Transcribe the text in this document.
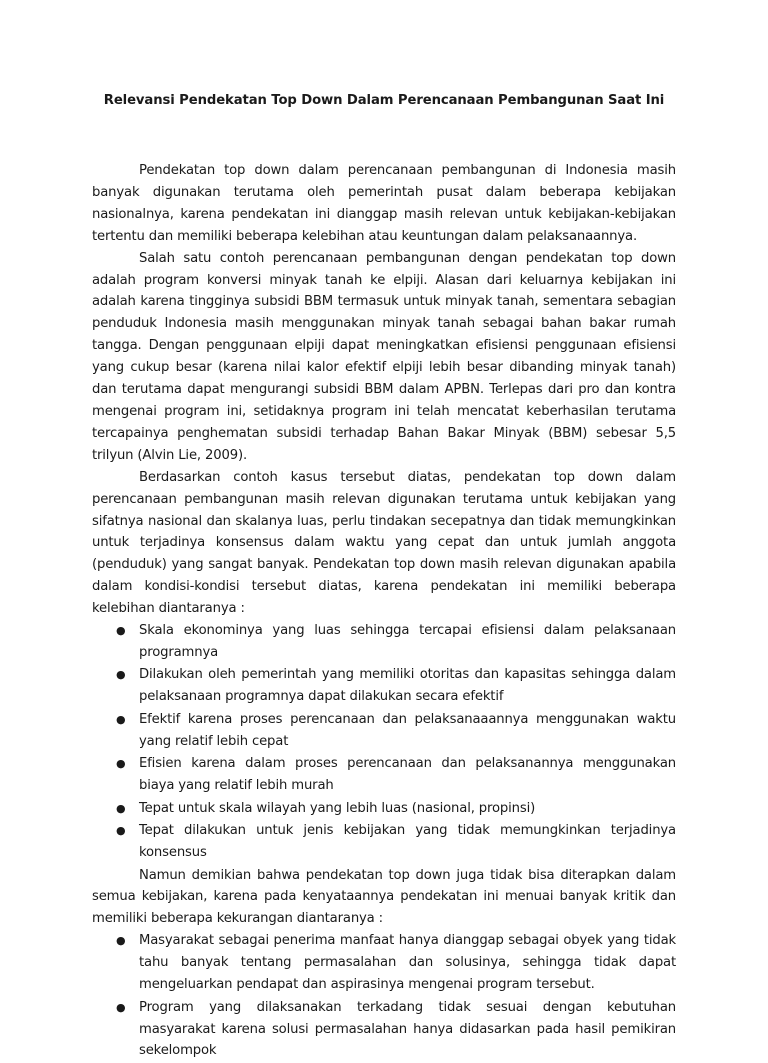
Relevansi Pendekatan Top Down Dalam Perencanaan Pembangunan Saat Ini

Pendekatan top down dalam perencanaan pembangunan di Indonesia masih banyak digunakan terutama oleh pemerintah pusat dalam beberapa kebijakan nasionalnya, karena pendekatan ini dianggap masih relevan untuk kebijakan-kebijakan tertentu dan memiliki beberapa kelebihan atau keuntungan dalam pelaksanaannya.

Salah satu contoh perencanaan pembangunan dengan pendekatan top down adalah program konversi minyak tanah ke elpiji. Alasan dari keluarnya kebijakan ini adalah karena tingginya subsidi BBM termasuk untuk minyak tanah, sementara sebagian penduduk Indonesia masih menggunakan minyak tanah sebagai bahan bakar rumah tangga. Dengan penggunaan elpiji dapat meningkatkan efisiensi penggunaan efisiensi yang cukup besar (karena nilai kalor efektif elpiji lebih besar dibanding minyak tanah) dan terutama dapat mengurangi subsidi BBM dalam APBN. Terlepas dari pro dan kontra mengenai program ini, setidaknya program ini telah mencatat keberhasilan terutama tercapainya penghematan subsidi terhadap Bahan Bakar Minyak (BBM) sebesar 5,5 trilyun (Alvin Lie, 2009).

Berdasarkan contoh kasus tersebut diatas, pendekatan top down dalam perencanaan pembangunan masih relevan digunakan terutama untuk kebijakan yang sifatnya nasional dan skalanya luas, perlu tindakan secepatnya dan tidak memungkinkan untuk terjadinya konsensus dalam waktu yang cepat dan untuk jumlah anggota (penduduk) yang sangat banyak. Pendekatan top down masih relevan digunakan apabila dalam kondisi-kondisi tersebut diatas, karena pendekatan ini memiliki beberapa kelebihan diantaranya :

● Skala ekonominya yang luas sehingga tercapai efisiensi dalam pelaksanaan programnya
● Dilakukan oleh pemerintah yang memiliki otoritas dan kapasitas sehingga dalam pelaksanaan programnya dapat dilakukan secara efektif
● Efektif karena proses perencanaan dan pelaksanaaannya menggunakan waktu yang relatif lebih cepat
● Efisien karena dalam proses perencanaan dan pelaksanannya menggunakan biaya yang relatif lebih murah
● Tepat untuk skala wilayah yang lebih luas (nasional, propinsi)
● Tepat dilakukan untuk jenis kebijakan yang tidak memungkinkan terjadinya konsensus

Namun demikian bahwa pendekatan top down juga tidak bisa diterapkan dalam semua kebijakan, karena pada kenyataannya pendekatan ini menuai banyak kritik dan memiliki beberapa kekurangan diantaranya :

● Masyarakat sebagai penerima manfaat hanya dianggap sebagai obyek yang tidak tahu banyak tentang permasalahan dan solusinya, sehingga tidak dapat mengeluarkan pendapat dan aspirasinya mengenai program tersebut.
● Program yang dilaksanakan terkadang tidak sesuai dengan kebutuhan masyarakat karena solusi permasalahan hanya didasarkan pada hasil pemikiran sekelompok
